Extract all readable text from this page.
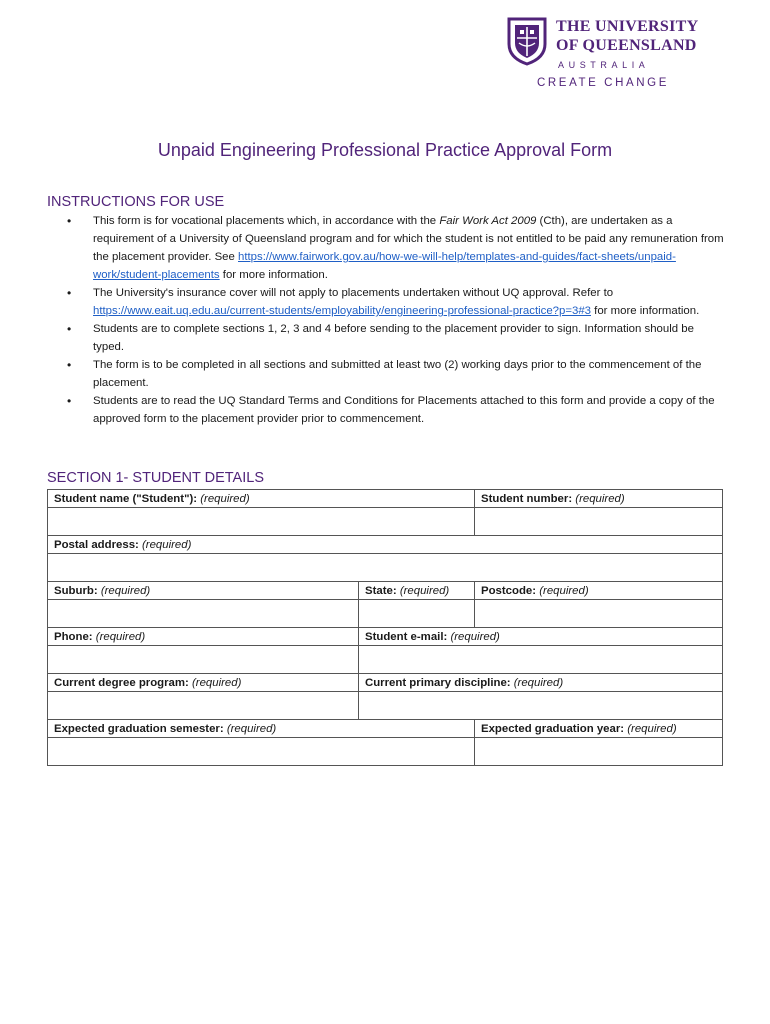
THE UNIVERSITY
OF QUEENSLAND
AUSTRALIA
CREATE CHANGE
Unpaid Engineering Professional Practice Approval Form
INSTRUCTIONS FOR USE
• This form is for vocational placements which, in accordance with the Fair Work Act 2009 (Cth), are undertaken as a requirement of a University of Queensland program and for which the student is not entitled to be paid any remuneration from the placement provider. See https://www.fairwork.gov.au/how-we-will-help/templates-and-guides/fact-sheets/unpaid-work/student-placements for more information.
• The University's insurance cover will not apply to placements undertaken without UQ approval. Refer to https://www.eait.uq.edu.au/current-students/employability/engineering-professional-practice?p=3#3 for more information.
• Students are to complete sections 1, 2, 3 and 4 before sending to the placement provider to sign. Information should be typed.
• The form is to be completed in all sections and submitted at least two (2) working days prior to the commencement of the placement.
• Students are to read the UQ Standard Terms and Conditions for Placements attached to this form and provide a copy of the approved form to the placement provider prior to commencement.
SECTION 1- STUDENT DETAILS
Student name ("Student"): (required)		Student number: (required)

Postal address: (required)		

Suburb: (required)	State: (required)	Postcode: (required)

Phone: (required)	Student e-mail: (required)	

Current degree program: (required)	Current primary discipline: (required)	

Expected graduation semester: (required)		Expected graduation year: (required)
